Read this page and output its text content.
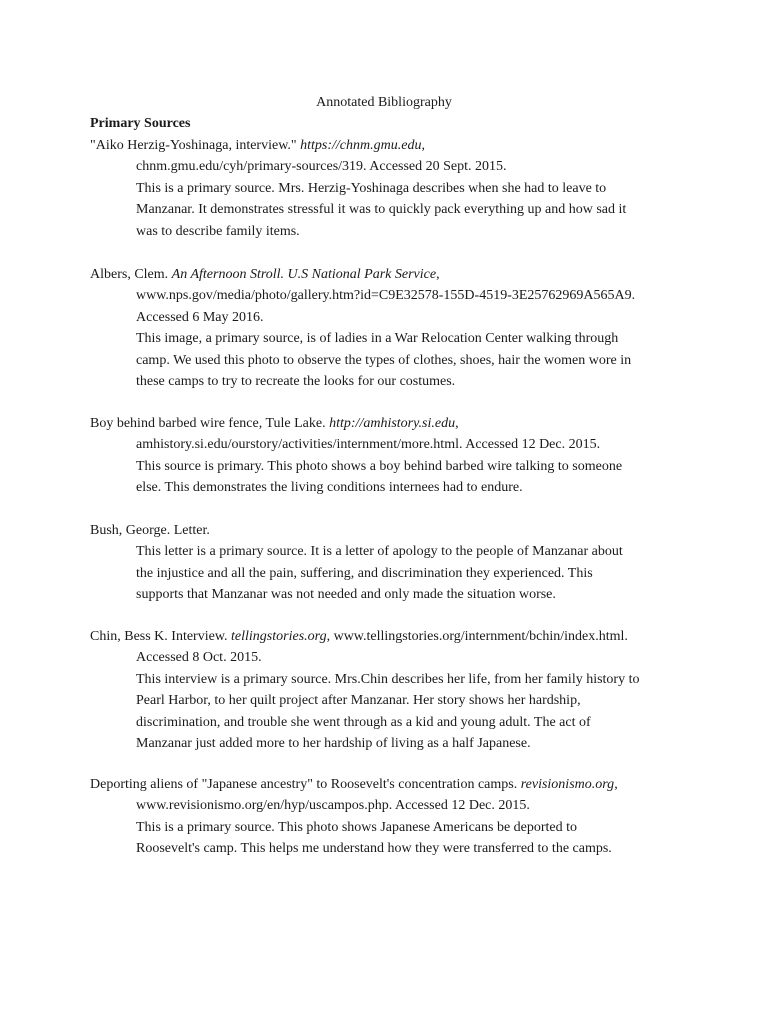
Annotated Bibliography
Primary Sources
"Aiko Herzig-Yoshinaga, interview." https://chnm.gmu.edu,
chnm.gmu.edu/cyh/primary-sources/319. Accessed 20 Sept. 2015.
This is a primary source. Mrs. Herzig-Yoshinaga describes when she had to leave to
Manzanar. It demonstrates stressful it was to quickly pack everything up and how sad it
was to describe family items.
Albers, Clem. An Afternoon Stroll. U.S National Park Service,
www.nps.gov/media/photo/gallery.htm?id=C9E32578-155D-4519-3E25762969A565A9.
Accessed 6 May 2016.
This image, a primary source, is of ladies in a War Relocation Center walking through
camp. We used this photo to observe the types of clothes, shoes, hair the women wore in
these camps to try to recreate the looks for our costumes.
Boy behind barbed wire fence, Tule Lake. http://amhistory.si.edu,
amhistory.si.edu/ourstory/activities/internment/more.html. Accessed 12 Dec. 2015.
This source is primary. This photo shows a boy behind barbed wire talking to someone
else. This demonstrates the living conditions internees had to endure.
Bush, George. Letter.
This letter is a primary source. It is a letter of apology to the people of Manzanar about
the injustice and all the pain, suffering, and discrimination they experienced. This
supports that Manzanar was not needed and only made the situation worse.
Chin, Bess K. Interview. tellingstories.org, www.tellingstories.org/internment/bchin/index.html.
Accessed 8 Oct. 2015.
This interview is a primary source. Mrs.Chin describes her life, from her family history to
Pearl Harbor, to her quilt project after Manzanar. Her story shows her hardship,
discrimination, and trouble she went through as a kid and young adult. The act of
Manzanar just added more to her hardship of living as a half Japanese.
Deporting aliens of "Japanese ancestry" to Roosevelt's concentration camps. revisionismo.org,
www.revisionismo.org/en/hyp/uscampos.php. Accessed 12 Dec. 2015.
This is a primary source. This photo shows Japanese Americans be deported to
Roosevelt's camp. This helps me understand how they were transferred to the camps.
